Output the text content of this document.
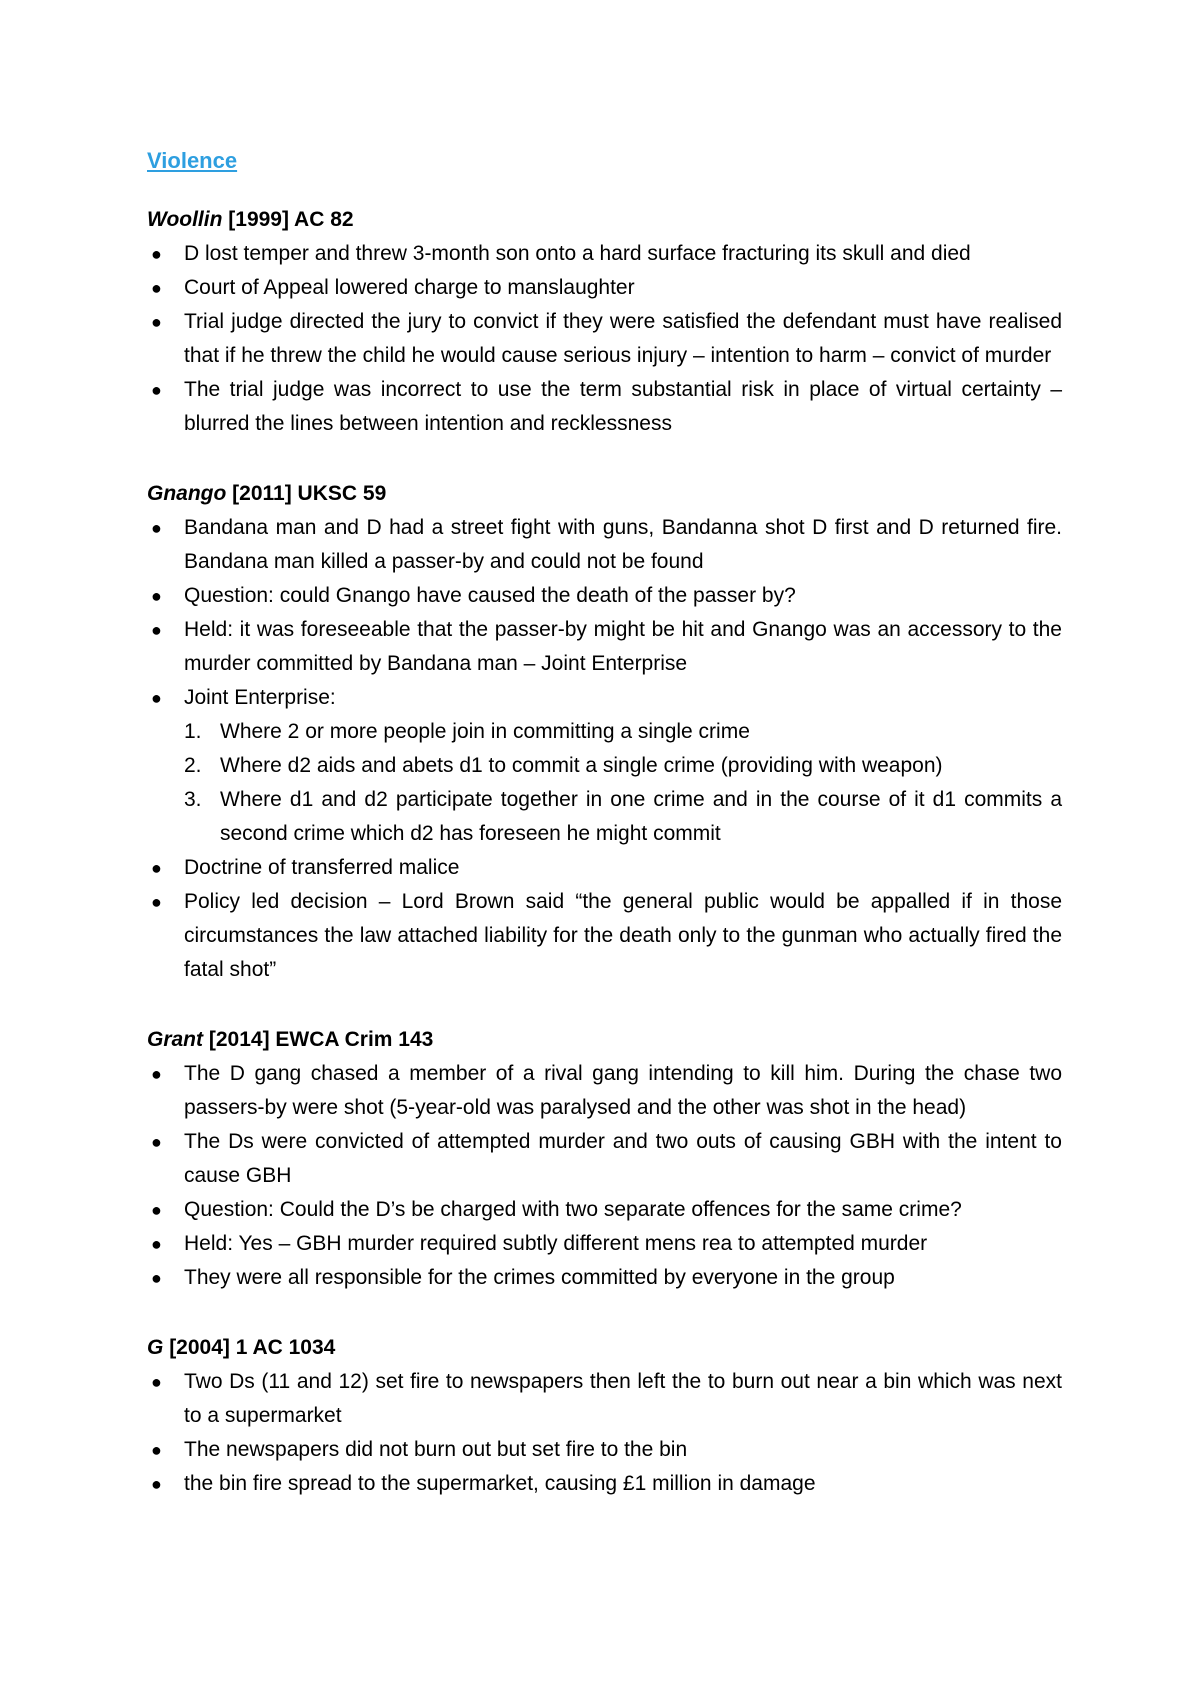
Violence

Woollin [1999] AC 82

● D lost temper and threw 3-month son onto a hard surface fracturing its skull and died
● Court of Appeal lowered charge to manslaughter
● Trial judge directed the jury to convict if they were satisfied the defendant must have realised that if he threw the child he would cause serious injury – intention to harm – convict of murder
● The trial judge was incorrect to use the term substantial risk in place of virtual certainty – blurred the lines between intention and recklessness

Gnango [2011] UKSC 59

● Bandana man and D had a street fight with guns, Bandanna shot D first and D returned fire. Bandana man killed a passer-by and could not be found
● Question: could Gnango have caused the death of the passer by?
● Held: it was foreseeable that the passer-by might be hit and Gnango was an accessory to the murder committed by Bandana man – Joint Enterprise
● Joint Enterprise:
1. Where 2 or more people join in committing a single crime
2. Where d2 aids and abets d1 to commit a single crime (providing with weapon)
3. Where d1 and d2 participate together in one crime and in the course of it d1 commits a second crime which d2 has foreseen he might commit
● Doctrine of transferred malice
● Policy led decision – Lord Brown said “the general public would be appalled if in those circumstances the law attached liability for the death only to the gunman who actually fired the fatal shot”

Grant [2014] EWCA Crim 143

● The D gang chased a member of a rival gang intending to kill him. During the chase two passers-by were shot (5-year-old was paralysed and the other was shot in the head)
● The Ds were convicted of attempted murder and two outs of causing GBH with the intent to cause GBH
● Question: Could the D’s be charged with two separate offences for the same crime?
● Held: Yes – GBH murder required subtly different mens rea to attempted murder
● They were all responsible for the crimes committed by everyone in the group

G [2004] 1 AC 1034

● Two Ds (11 and 12) set fire to newspapers then left the to burn out near a bin which was next to a supermarket
● The newspapers did not burn out but set fire to the bin
● the bin fire spread to the supermarket, causing £1 million in damage
